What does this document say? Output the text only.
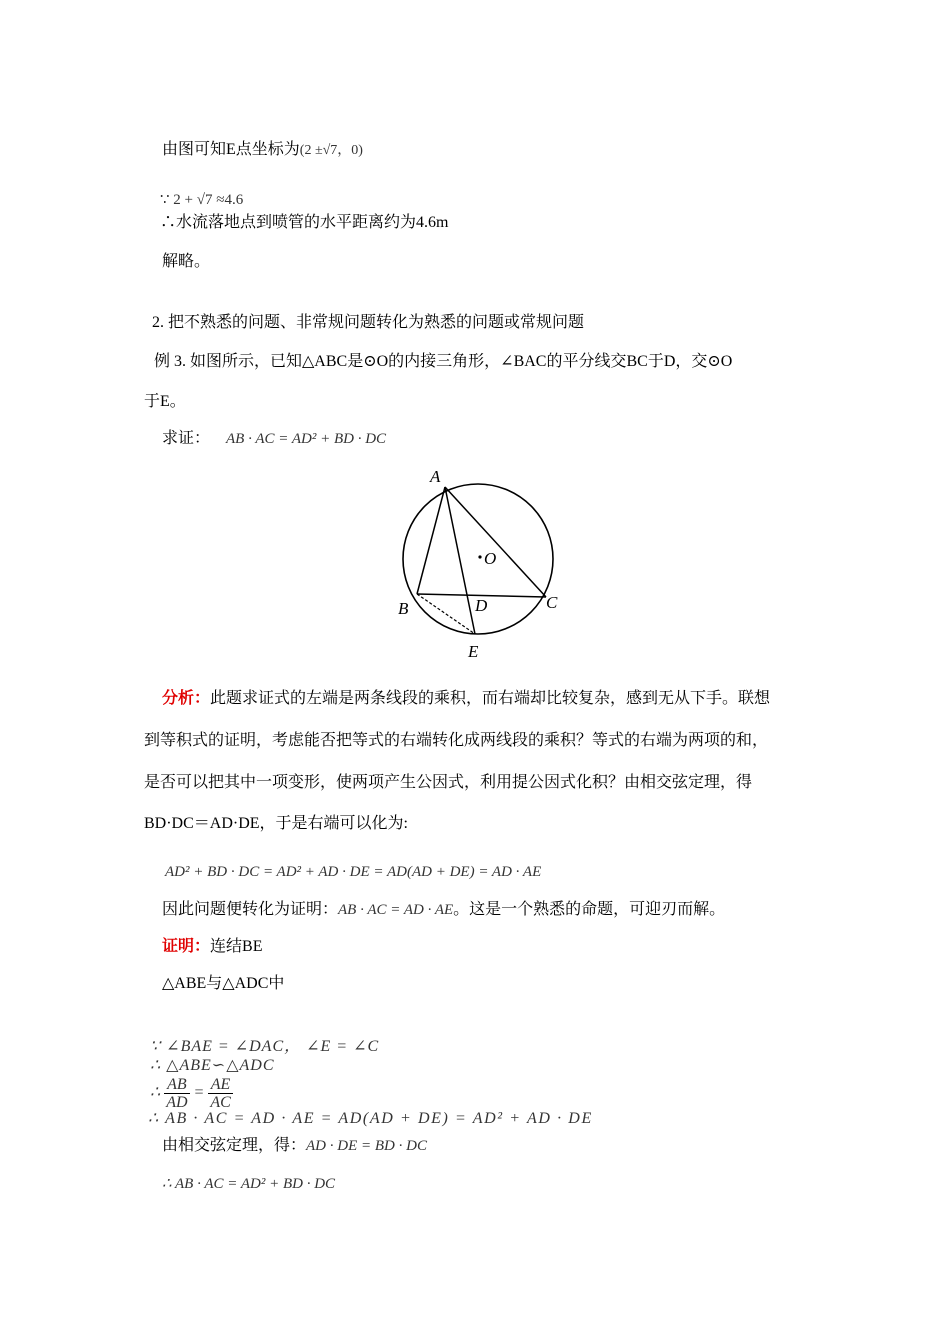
由图可知E点坐标为(2 ±√7，0)
∵ 2 + √7 ≈4.6
∴水流落地点到喷管的水平距离约为4.6m
解略。
2. 把不熟悉的问题、非常规问题转化为熟悉的问题或常规问题
例 3. 如图所示，已知△ABC是⊙O的内接三角形，∠BAC的平分线交BC于D，交⊙O
于E。
求证： AB · AC = AD² + BD · DC
A
B	C
D
E
O
分析：此题求证式的左端是两条线段的乘积，而右端却比较复杂，感到无从下手。联想
到等积式的证明，考虑能否把等式的右端转化成两线段的乘积？等式的右端为两项的和，
是否可以把其中一项变形，使两项产生公因式，利用提公因式化积？由相交弦定理，得
BD·DC＝AD·DE，于是右端可以化为:
AD² + BD · DC = AD² + AD · DE = AD(AD + DE) = AD · AE
因此问题便转化为证明：AB · AC = AD · AE。这是一个熟悉的命题，可迎刃而解。
证明：连结BE
△ABE与△ADC中
∵ ∠BAE = ∠DAC， ∠E = ∠C
∴ △ABE∽△ADC
∴ $\frac{AB}{AD} = \frac{AE}{AC}$
∴ AB · AC = AD · AE = AD(AD + DE) = AD² + AD · DE
由相交弦定理，得：AD · DE = BD · DC
∴ AB · AC = AD² + BD · DC
